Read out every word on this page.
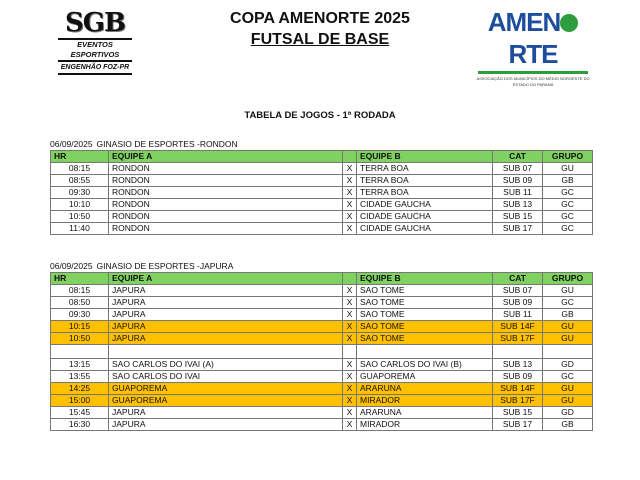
SGB
EVENTOS ESPORTIVOS
ENGENHÃO FOZ-PR
COPA AMENORTE 2025
FUTSAL DE BASE
AMENRTE
ASSOCIAÇÃO DOS MUNICÍPIOS DO MÉDIO NOROESTE DO ESTADO DO PARANÁ
TABELA DE JOGOS - 1ª RODADA
06/09/2025 GINASIO DE ESPORTES -RONDON
HR	EQUIPE A		EQUIPE B	CAT	GRUPO
08:15	RONDON	X	TERRA BOA	SUB 07	GU
08:55	RONDON	X	TERRA BOA	SUB 09	GB
09:30	RONDON	X	TERRA BOA	SUB 11	GC
10:10	RONDON	X	CIDADE GAUCHA	SUB 13	GC
10:50	RONDON	X	CIDADE GAUCHA	SUB 15	GC
11:40	RONDON	X	CIDADE GAUCHA	SUB 17	GC
06/09/2025 GINASIO DE ESPORTES -JAPURA
HR	EQUIPE A		EQUIPE B	CAT	GRUPO
08:15	JAPURA	X	SAO TOME	SUB 07	GU
08:50	JAPURA	X	SAO TOME	SUB 09	GC
09:30	JAPURA	X	SAO TOME	SUB 11	GB
10:15	JAPURA	X	SAO TOME	SUB 14F	GU
10:50	JAPURA	X	SAO TOME	SUB 17F	GU

13:15	SAO CARLOS DO IVAI (A)	X	SAO CARLOS DO IVAI (B)	SUB 13	GD
13:55	SAO CARLOS DO IVAI	X	GUAPOREMA	SUB 09	GC
14:25	GUAPOREMA	X	ARARUNA	SUB 14F	GU
15:00	GUAPOREMA	X	MIRADOR	SUB 17F	GU
15:45	JAPURA	X	ARARUNA	SUB 15	GD
16:30	JAPURA	X	MIRADOR	SUB 17	GB
